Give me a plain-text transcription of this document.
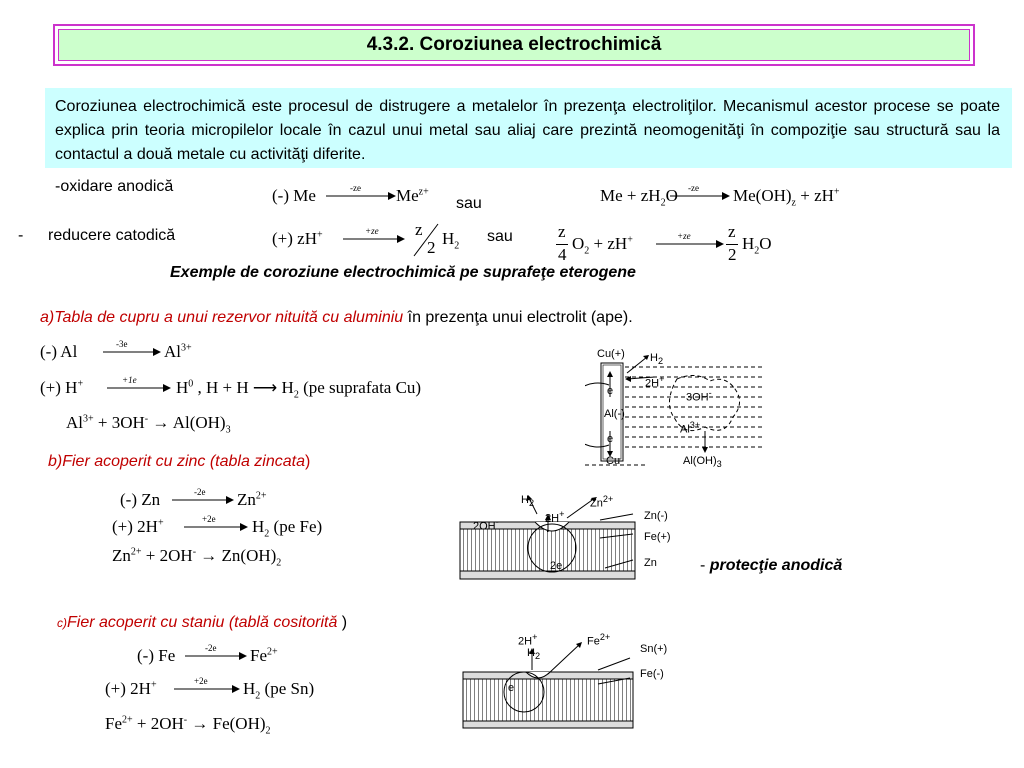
4.3.2. Coroziunea electrochimică
Coroziunea electrochimică este procesul de distrugere a metalelor în prezenţa electroliţilor. Mecanismul acestor procese se poate explica prin teoria micropilelor locale în cazul unui metal sau aliaj care prezintă neomogenităţi în compoziţie sau structură sau la contactul a două metale cu activităţi diferite.
-oxidare anodică
- reducere catodică
sau
sau
(-) Me	-ze $Me^{z+}$	$Me + zH_2O$ -ze $Me(OH)_z + zH^+$
(+) zH+	+ze z
2 $H_2$
z
4
$O_2 + zH^+$	+ze z
2
$H_2O$
Exemple de coroziune electrochimică pe suprafeţe eterogene
a)Tabla de cupru a unui rezervor nituită cu aluminiu în prezenţa unui electrolit (ape).
(-) Al	-3e $Al^{3+}$
(+) H+	+1e $H^0$ , H + H ⟶ $H_2$ (pe suprafata Cu)
$Al^{3+} + 3OH^- \to Al(OH)_3$
Cu(+) $H_2$
2H+
e
3OH-
Al(-)
$Al^{3+}$
e
Cu	$Al(OH)_3$
b)Fier acoperit cu zinc (tabla zincata)
(-) Zn	-2e $Zn^{2+}$
(+) 2H+	+2e $H_2$ (pe Fe)
$Zn^{2+} + 2OH^- \to Zn(OH)_2$
$H_2$
2H+
$Zn^{2+}$
2OH-	Zn(-)
Fe(+)
Zn
2e	- protecţie anodică
c)Fier acoperit cu staniu (tablă cositorită )
(-) Fe	-2e $Fe^{2+}$
(+) 2H+	+2e $H_2$ (pe Sn)
$Fe^{2+} + 2OH^- \to Fe(OH)_2$
2H+
$H_2$
$Fe^{2+}$
Sn(+)
Fe(-)
e
